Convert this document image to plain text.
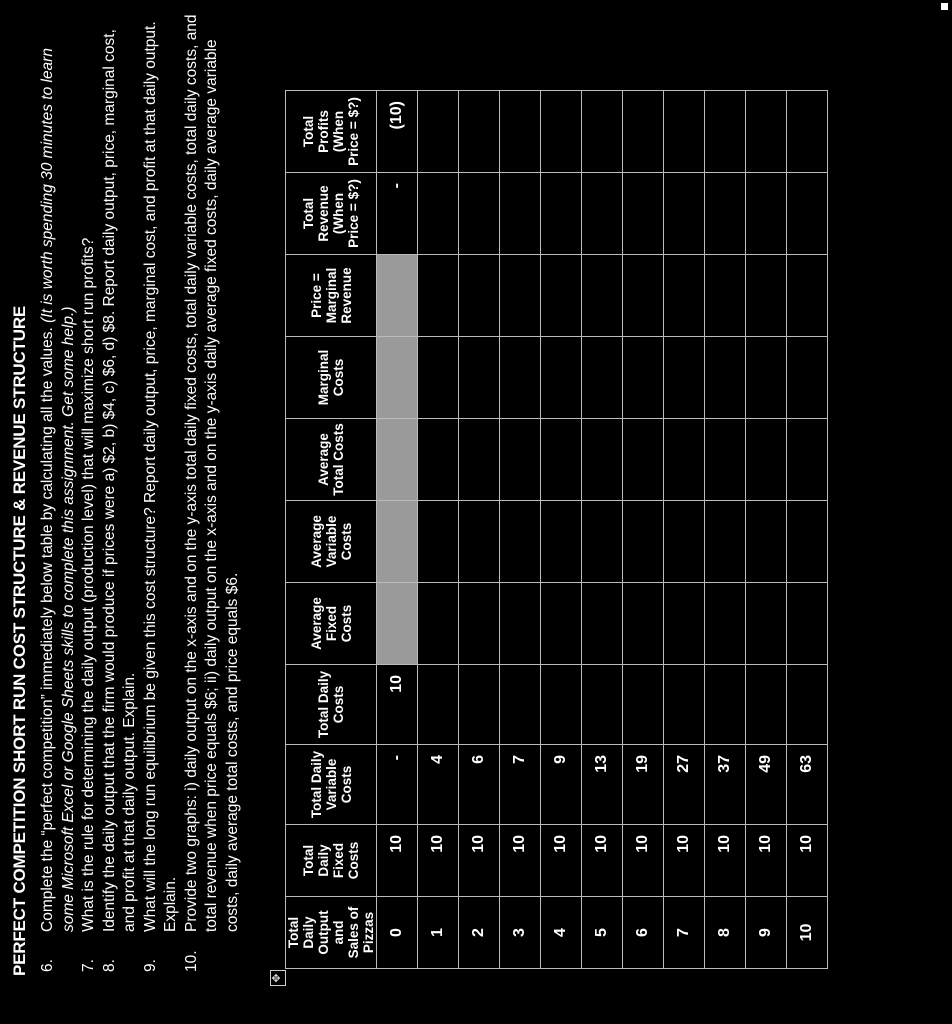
PERFECT COMPETITION SHORT RUN COST STRUCTURE & REVENUE STRUCTURE 6.
Complete the “perfect competition” immediately below table by calculating all the values. (It is worth spending 30 minutes to learn some Microsoft Excel or Google Sheets skills to complete this assignment. Get some help.)
7.
What is the rule for determining the daily output (production level) that will maximize short run profits?
8.
Identify the daily output that the firm would produce if prices were a) $2, b) $4, c) $6, d) $8. Report daily output, price, marginal cost, and profit at that daily output. Explain.
9.
What will the long run equilibrium be given this cost structure? Report daily output, price, marginal cost, and profit at that daily output. Explain.
10.
Provide two graphs: i) daily output on the x-axis and on the y-axis total daily fixed costs, total daily variable costs, total daily costs, and total revenue when price equals $6; ii) daily output on the x-axis and on the y-axis daily average fixed costs, daily average variable costs, daily average total costs, and price equals $6.
✥
Total Daily Output and Sales of Pizzas	Total Daily Fixed Costs	Total Daily Variable Costs	Total Daily Costs	Average Fixed Costs	Average Variable Costs	Average Total Costs	Marginal Costs	Price = Marginal Revenue	Total Revenue (When Price = $?)	Total Profits (When Price = $?)
0	10	-	10						-	(10)
1	10	4								
2	10	6								
3	10	7								
4	10	9								
5	10	13								
6	10	19								
7	10	27								
8	10	37								
9	10	49								
10	10	63								
